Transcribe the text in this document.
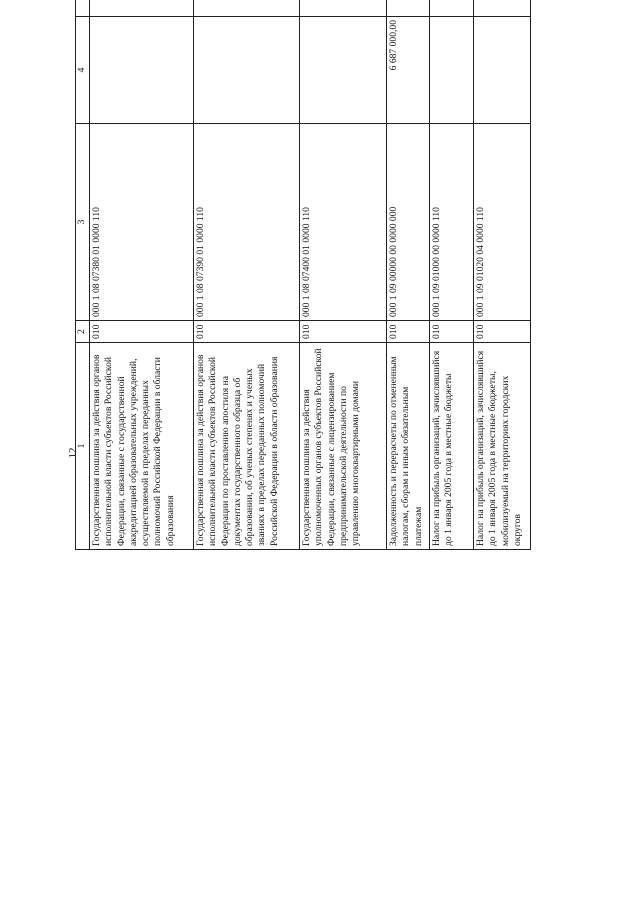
12
1	2	3	4		
Государственная пошлина за действия органов исполнительной власти субъектов Российской Федерации, связанные с государственной аккредитацией образовательных учреждений, осуществляемой в пределах переданных полномочий Российской Федерации в области образования	010	000 1 08 07380 01 0000 110			
Государственная пошлина за действия органов исполнительной власти субъектов Российской Федерации по проставлению апостиля на документах государственного образца об образовании, об ученых степенях и ученых званиях в пределах переданных полномочий Российской Федерации в области образования	010	000 1 08 07390 01 0000 110			
Государственная пошлина за действия уполномоченных органов субъектов Российской Федерации, связанные с лицензированием предпринимательской деятельности по управлению многоквартирными домами	010	000 1 08 07400 01 0000 110			
Задолженность и перерасчеты по отмененным налогам, сборам и иным обязательным платежам	010	000 1 09 00000 00 0000 000	6 687 000,00		
Налог на прибыль организаций, зачислявшийся до 1 января 2005 года в местные бюджеты	010	000 1 09 01000 00 0000 110			
Налог на прибыль организаций, зачислявшийся до 1 января 2005 года в местные бюджеты, мобилизуемый на территориях городских округов	010	000 1 09 01020 04 0000 110			
